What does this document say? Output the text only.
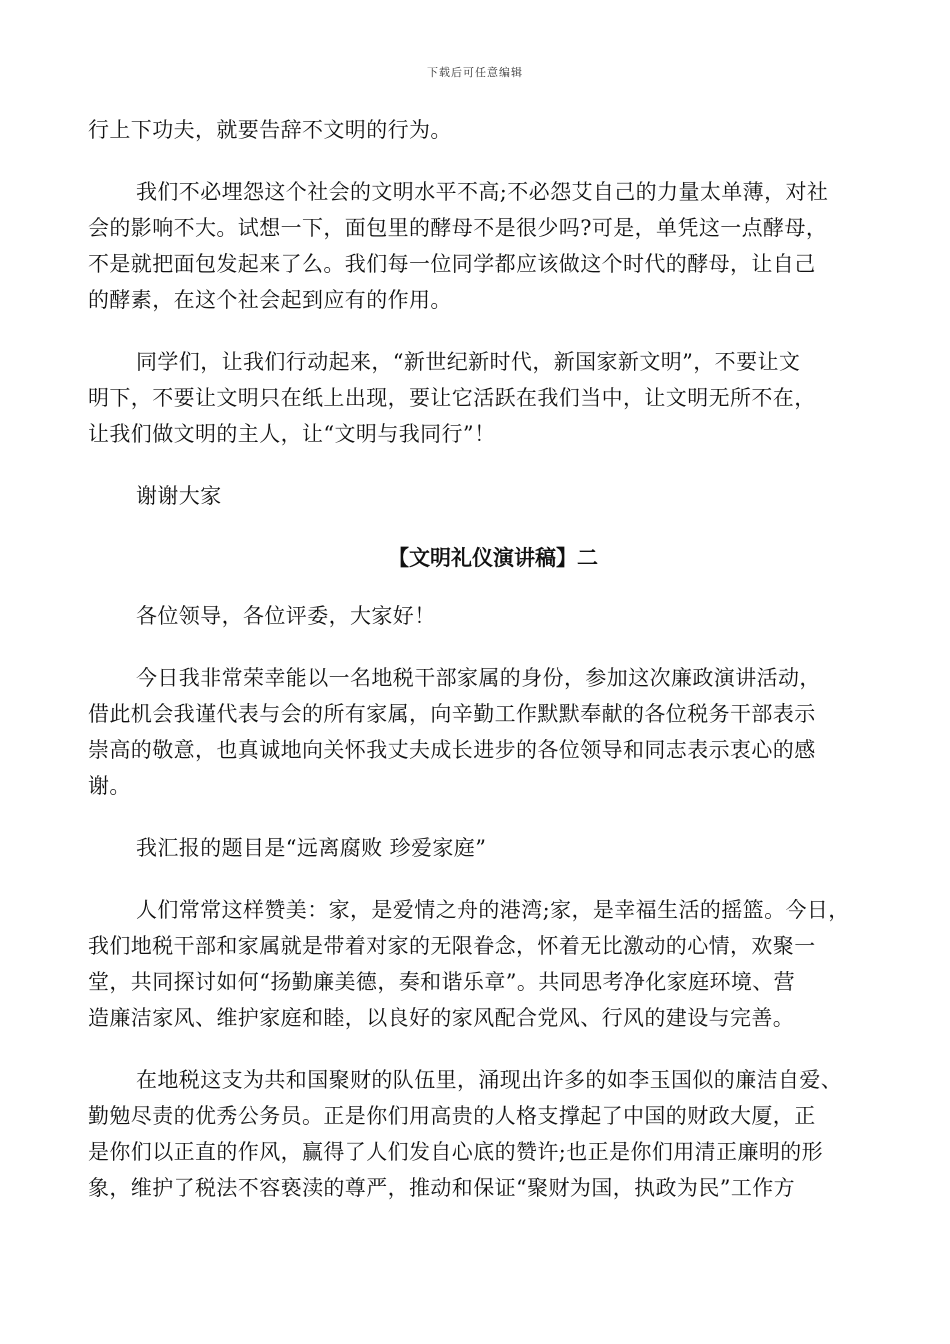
下载后可任意编辑
行上下功夫，就要告辞不文明的行为。
我们不必埋怨这个社会的文明水平不高;不必怨艾自己的力量太单薄，对社
会的影响不大。试想一下，面包里的酵母不是很少吗?可是，单凭这一点酵母，
不是就把面包发起来了么。我们每一位同学都应该做这个时代的酵母，让自己
的酵素，在这个社会起到应有的作用。
同学们，让我们行动起来，“新世纪新时代，新国家新文明”，不要让文
明下，不要让文明只在纸上出现，要让它活跃在我们当中，让文明无所不在，
让我们做文明的主人，让“文明与我同行”！
谢谢大家
【文明礼仪演讲稿】二
各位领导，各位评委，大家好！
今日我非常荣幸能以一名地税干部家属的身份，参加这次廉政演讲活动，
借此机会我谨代表与会的所有家属，向辛勤工作默默奉献的各位税务干部表示
崇高的敬意，也真诚地向关怀我丈夫成长进步的各位领导和同志表示衷心的感
谢。
我汇报的题目是“远离腐败 珍爱家庭”
人们常常这样赞美：家，是爱情之舟的港湾;家，是幸福生活的摇篮。今日，
我们地税干部和家属就是带着对家的无限眷念，怀着无比激动的心情，欢聚一
堂，共同探讨如何“扬勤廉美德，奏和谐乐章”。共同思考净化家庭环境、营
造廉洁家风、维护家庭和睦，以良好的家风配合党风、行风的建设与完善。
在地税这支为共和国聚财的队伍里，涌现出许多的如李玉国似的廉洁自爱、
勤勉尽责的优秀公务员。正是你们用高贵的人格支撑起了中国的财政大厦，正
是你们以正直的作风，赢得了人们发自心底的赞许;也正是你们用清正廉明的形
象，维护了税法不容亵渎的尊严，推动和保证“聚财为国，执政为民”工作方
